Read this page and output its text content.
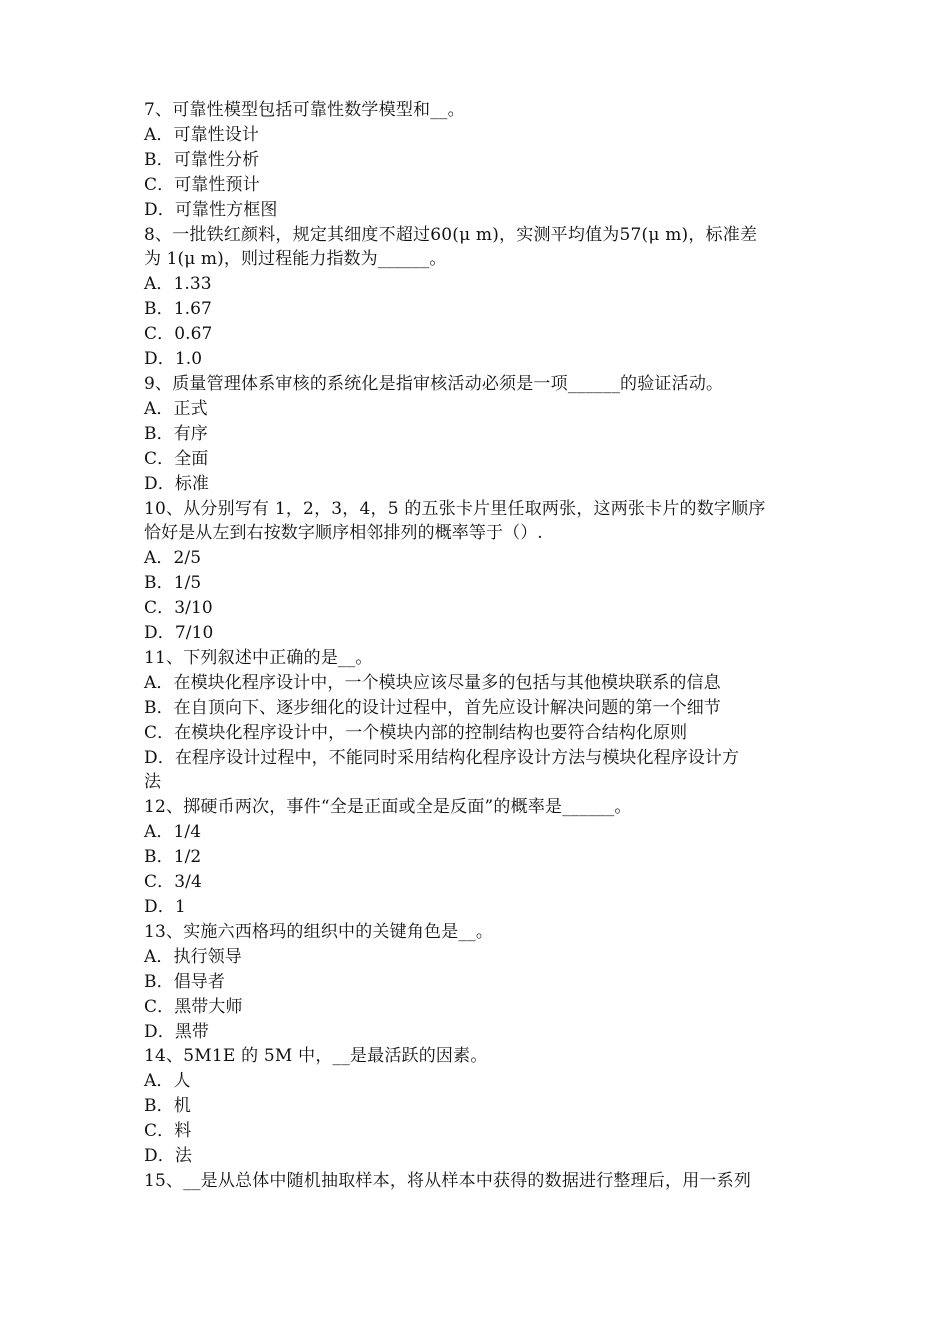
7、可靠性模型包括可靠性数学模型和__。
A．可靠性设计
B．可靠性分析
C．可靠性预计
D．可靠性方框图
8、一批铁红颜料，规定其细度不超过60(μ m)，实测平均值为57(μ m)，标准差
为 1(μ m)，则过程能力指数为______。
A．1.33
B．1.67
C．0.67
D．1.0
9、质量管理体系审核的系统化是指审核活动必须是一项______的验证活动。
A．正式
B．有序
C．全面
D．标准
10、从分别写有 1，2，3，4，5 的五张卡片里任取两张，这两张卡片的数字顺序
恰好是从左到右按数字顺序相邻排列的概率等于（）.
A．2/5
B．1/5
C．3/10
D．7/10
11、下列叙述中正确的是__。
A．在模块化程序设计中，一个模块应该尽量多的包括与其他模块联系的信息
B．在自顶向下、逐步细化的设计过程中，首先应设计解决问题的第一个细节
C．在模块化程序设计中，一个模块内部的控制结构也要符合结构化原则
D．在程序设计过程中，不能同时采用结构化程序设计方法与模块化程序设计方
法
12、掷硬币两次，事件“全是正面或全是反面”的概率是______。
A．1/4
B．1/2
C．3/4
D．1
13、实施六西格玛的组织中的关键角色是__。
A．执行领导
B．倡导者
C．黑带大师
D．黑带
14、5M1E 的 5M 中，__是最活跃的因素。
A．人
B．机
C．料
D．法
15、__是从总体中随机抽取样本，将从样本中获得的数据进行整理后，用一系列
